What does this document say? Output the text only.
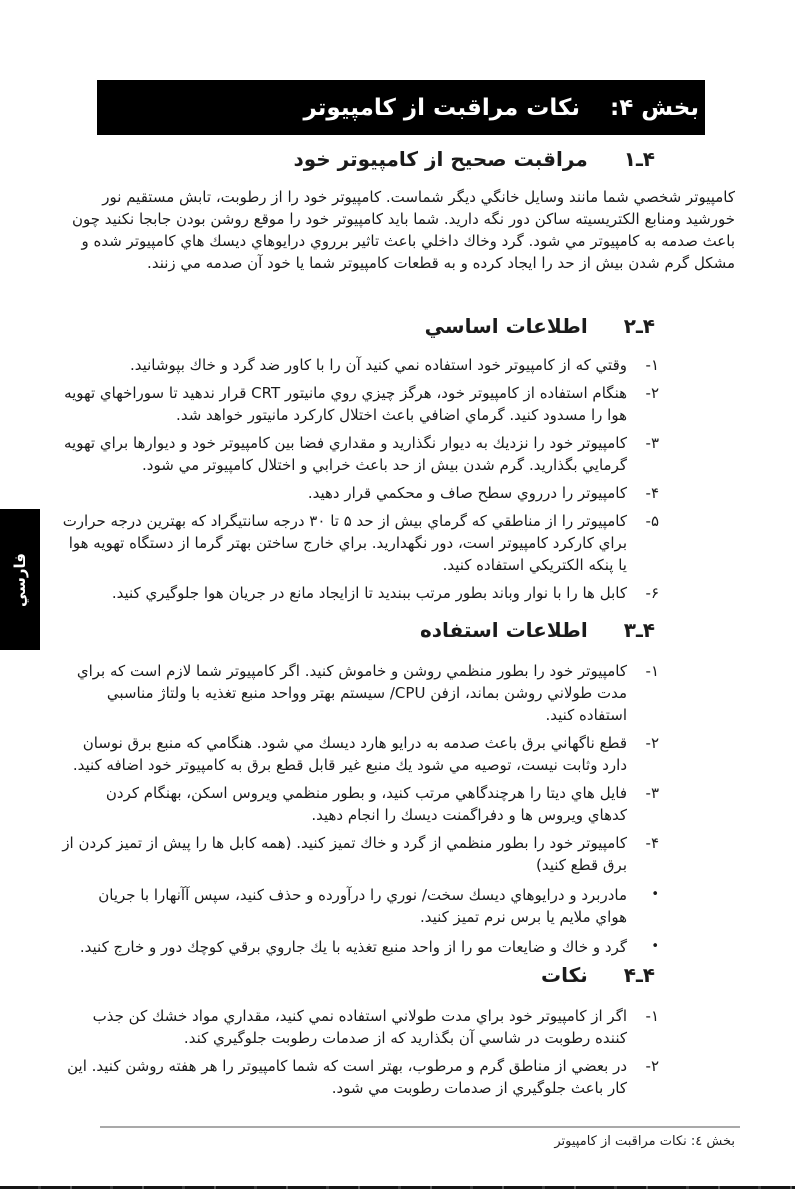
بخش ۴:
نکات مراقبت از کامپيوتر
فارسي
۴ـ۱
مراقبت صحيح از کامپيوتر خود
کامپيوتر شخصي شما مانند وسايل خانگي ديگر شماست. کامپيوتر خود را از رطوبت، تابش مستقيم نور خورشيد ومنابع الکتريسيته ساکن دور نگه داريد. شما بايد کامپيوتر خود را موقع روشن بودن جابجا نکنيد چون باعث صدمه به کامپيوتر مي شود. گرد وخاك داخلي باعث تاثير برروي درايوهاي ديسك هاي کامپيوتر شده و مشکل گرم شدن بيش از حد را ايجاد کرده و به قطعات کامپيوتر شما يا خود آن صدمه مي زنند.
۴ـ۲
اطلاعات اساسي
۱-
وقتي که از کامپيوتر خود استفاده نمي کنيد آن را با کاور ضد گرد و خاك بپوشانيد.
۲-
هنگام استفاده از کامپيوتر خود، هرگز چيزي روي مانيتور CRT قرار ندهيد تا سوراخهاي تهويه هوا را مسدود کنيد. گرماي اضافي باعث اختلال کارکرد مانيتور خواهد شد.
۳-
کامپيوتر خود را نزديك به ديوار نگذاريد و مقداري فضا بين کامپيوتر خود و ديوارها براي تهويه گرمايي بگذاريد. گرم شدن بيش از حد باعث خرابي و اختلال کامپيوتر مي شود.
۴-
کامپيوتر را درروي سطح صاف و محکمي قرار دهيد.
۵-
کامپيوتر را از مناطقي که گرماي بيش از حد ۵ تا ۳۰ درجه سانتيگراد که بهترين درجه حرارت براي کارکرد کامپيوتر است، دور نگهداريد. براي خارج ساختن بهتر گرما از دستگاه تهويه هوا يا پنکه الکتريکي استفاده کنيد.
۶-
کابل ها را با نوار وباند بطور مرتب ببنديد تا ازايجاد مانع در جريان هوا جلوگيري کنيد.
۴ـ۳
اطلاعات استفاده
۱-
کامپيوتر خود را بطور منظمي روشن و خاموش کنيد. اگر کامپيوتر شما لازم است که براي مدت طولاني روشن بماند، ازفن CPU/ سيستم بهتر وواحد منبع تغذيه با ولتاژ مناسبي استفاده کنيد.
۲-
قطع ناگهاني برق باعث صدمه به درايو هارد ديسك مي شود. هنگامي که منبع برق نوسان دارد وثابت نيست، توصيه مي شود يك منبع غير قابل قطع برق به کامپيوتر خود اضافه کنيد.
۳-
فايل هاي ديتا را هرچندگاهي مرتب کنيد، و بطور منظمي ويروس اسکن، بهنگام کردن کدهاي ويروس ها و دفراگمنت ديسك را انجام دهيد.
۴-
کامپيوتر خود را بطور منظمي از گرد و خاك تميز کنيد. (همه کابل ها را پيش از تميز کردن از برق قطع کنيد)
•
مادربرد و درايوهاي ديسك سخت/ نوري را درآورده و حذف کنيد، سپس آآنهارا با جريان هواي ملايم يا برس نرم تميز کنيد.
•
گرد و خاك و ضايعات مو را از واحد منبع تغذيه با يك جاروي برقي کوچك دور و خارج کنيد.
۴ـ۴
نکات
۱-
اگر از کامپيوتر خود براي مدت طولاني استفاده نمي کنيد، مقداري مواد خشك کن جذب کننده رطوبت در شاسي آن بگذاريد که از صدمات رطوبت جلوگيري کند.
۲-
در بعضي از مناطق گرم و مرطوب، بهتر است که شما کامپيوتر را هر هفته روشن کنيد. اين کار باعث جلوگيري از صدمات رطوبت مي شود.
بخش ٤: نکات مراقبت از کامپيوتر
